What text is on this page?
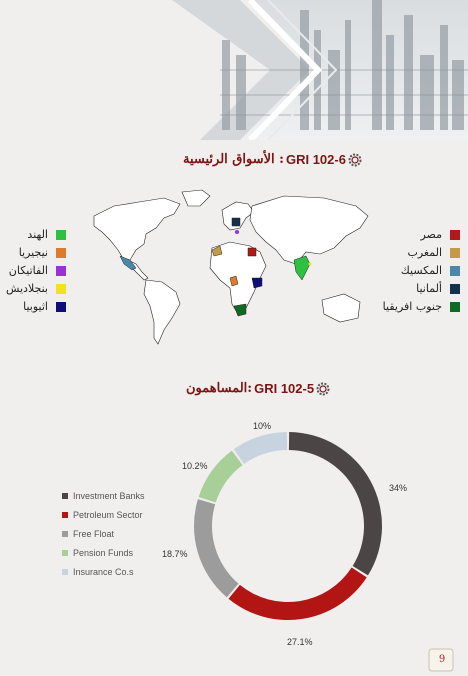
الأسواق الرئيسية : GRI 102-6
مصر
المغرب
المكسيك
ألمانيا
جنوب افريقيا
الهند
نيجيريا
الفاتيكان
بنجلاديش
اثيوبيا
المساهمون: GRI 102-5
Investment Banks
Petroleum Sector
Free Float
Pension Funds
Insurance Co.s
34%
27.1%
18.7%
10.2%
10%
9
